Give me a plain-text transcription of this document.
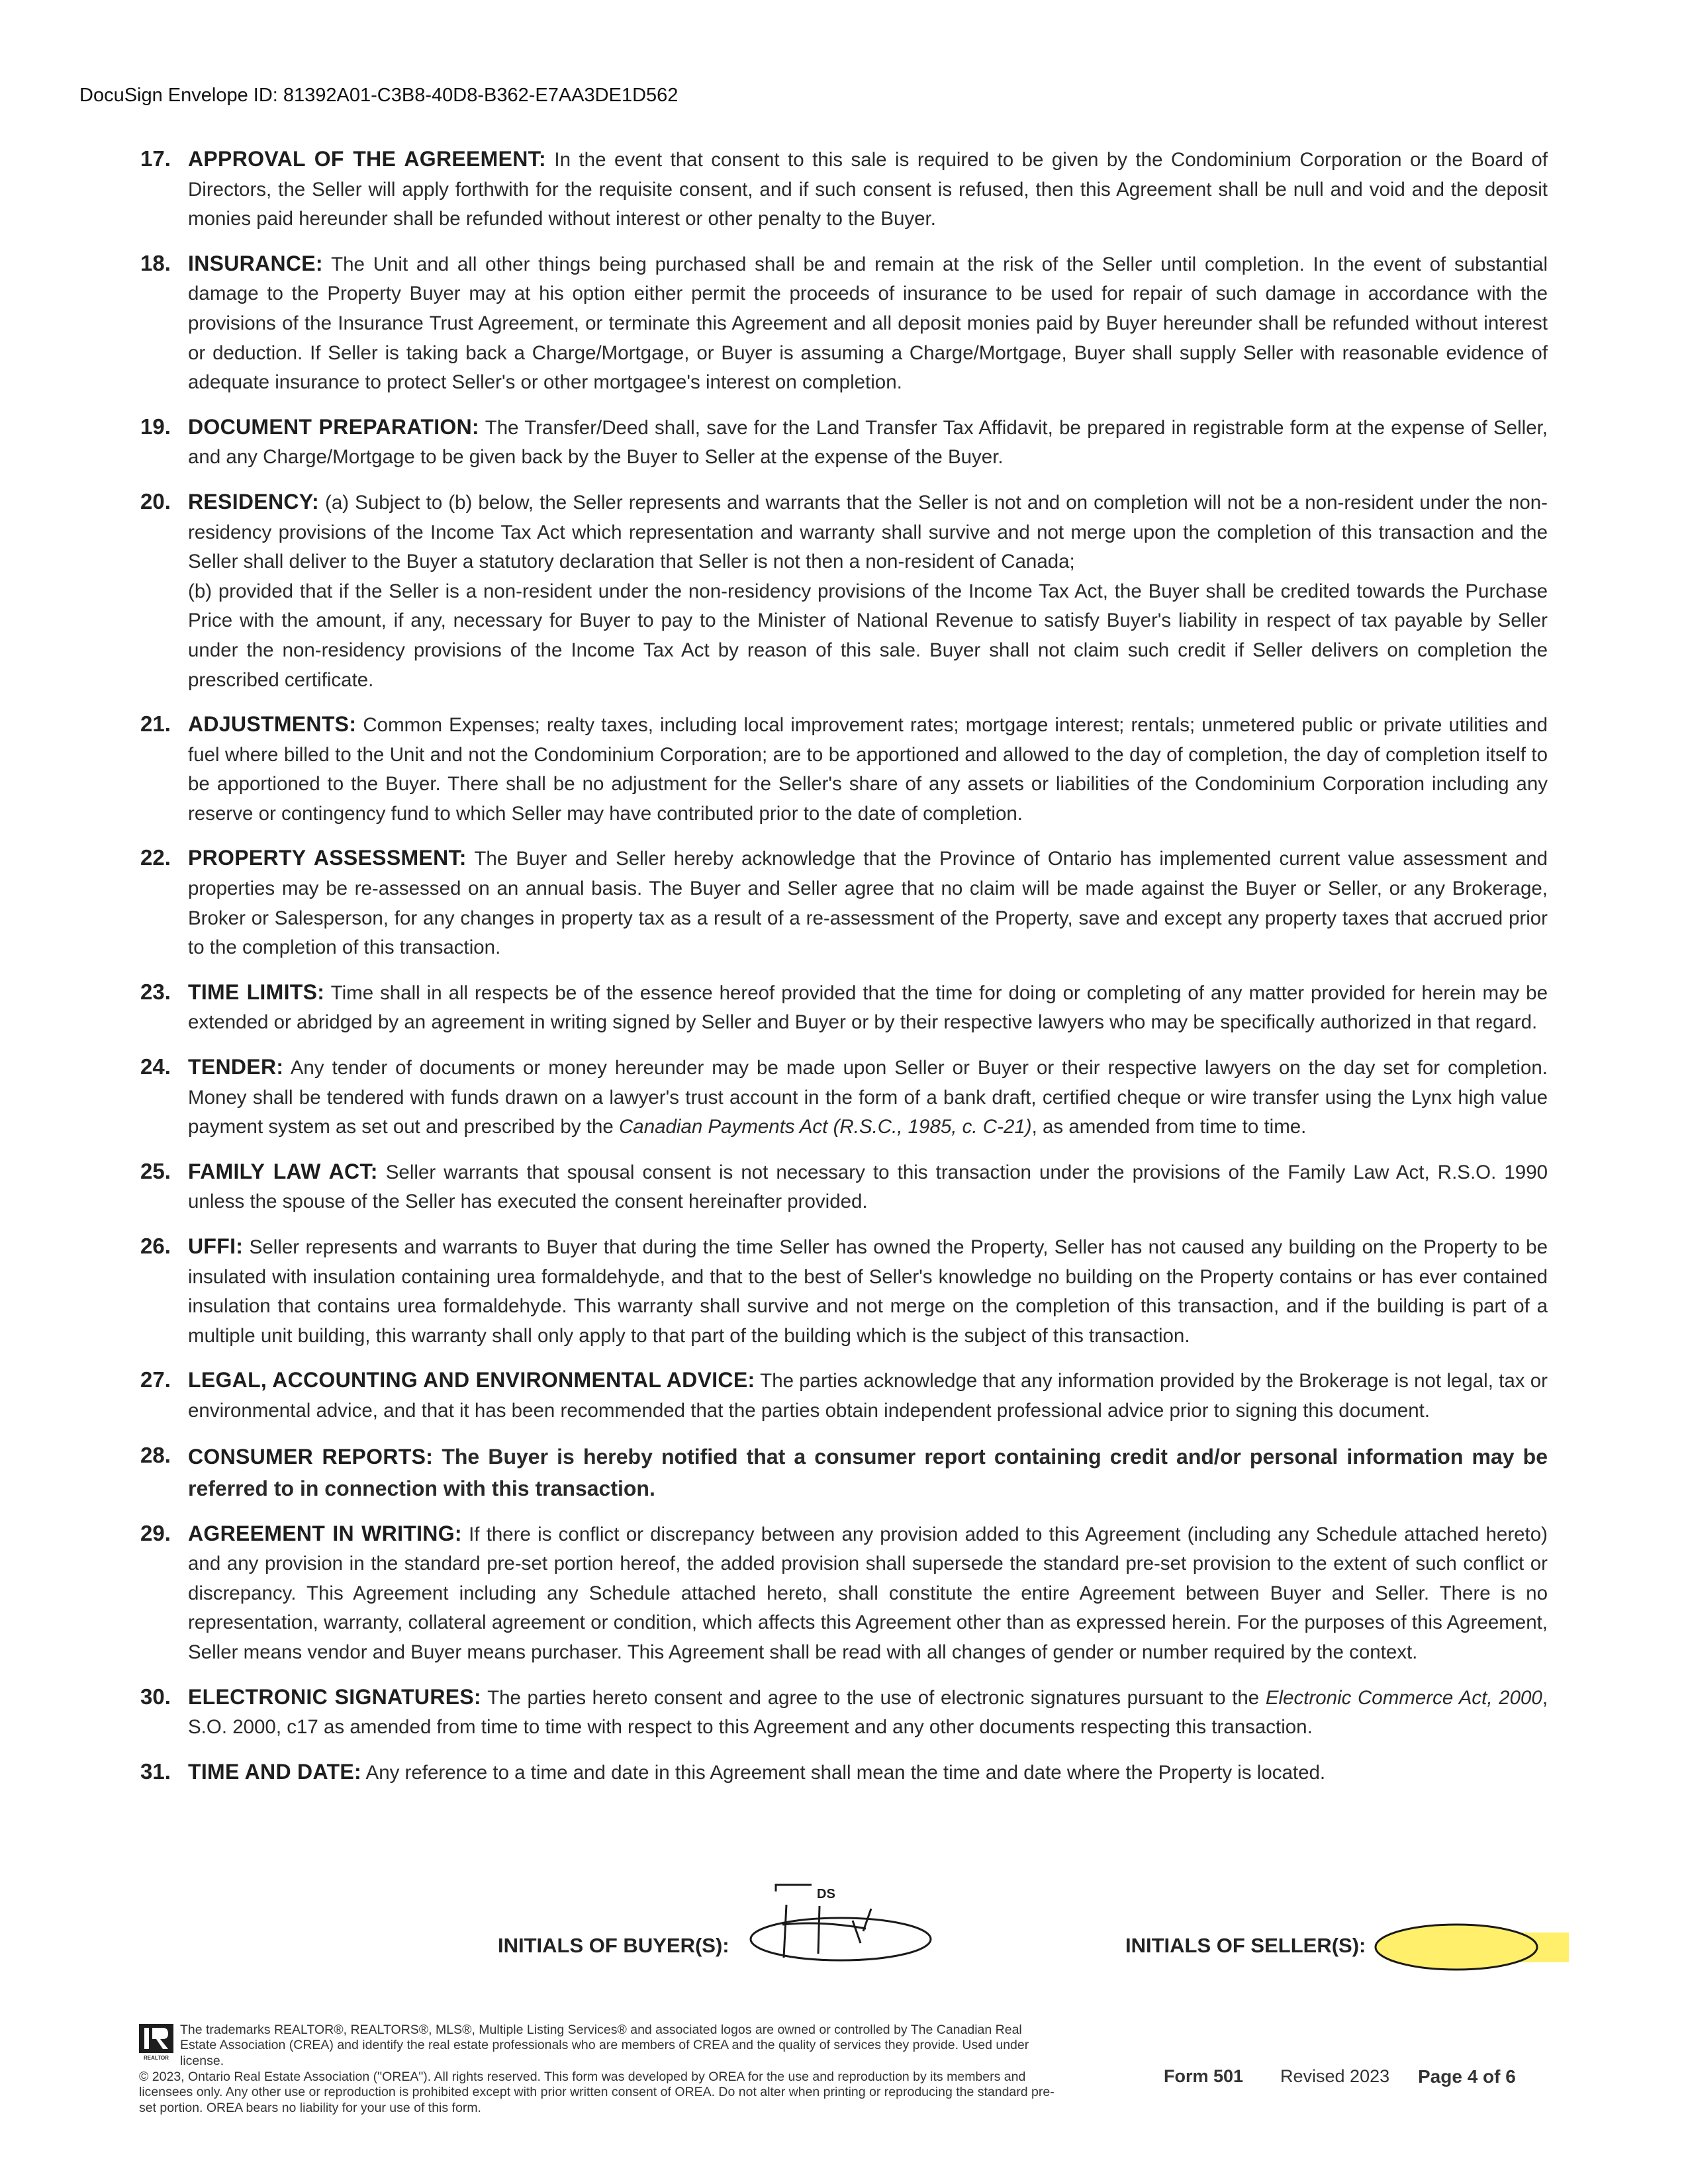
DocuSign Envelope ID: 81392A01-C3B8-40D8-B362-E7AA3DE1D562
17. APPROVAL OF THE AGREEMENT: In the event that consent to this sale is required to be given by the Condominium Corporation or the Board of Directors, the Seller will apply forthwith for the requisite consent, and if such consent is refused, then this Agreement shall be null and void and the deposit monies paid hereunder shall be refunded without interest or other penalty to the Buyer.
18. INSURANCE: The Unit and all other things being purchased shall be and remain at the risk of the Seller until completion. In the event of substantial damage to the Property Buyer may at his option either permit the proceeds of insurance to be used for repair of such damage in accordance with the provisions of the Insurance Trust Agreement, or terminate this Agreement and all deposit monies paid by Buyer hereunder shall be refunded without interest or deduction. If Seller is taking back a Charge/Mortgage, or Buyer is assuming a Charge/Mortgage, Buyer shall supply Seller with reasonable evidence of adequate insurance to protect Seller's or other mortgagee's interest on completion.
19. DOCUMENT PREPARATION: The Transfer/Deed shall, save for the Land Transfer Tax Affidavit, be prepared in registrable form at the expense of Seller, and any Charge/Mortgage to be given back by the Buyer to Seller at the expense of the Buyer.
20. RESIDENCY: (a) Subject to (b) below, the Seller represents and warrants that the Seller is not and on completion will not be a non-resident under the non-residency provisions of the Income Tax Act which representation and warranty shall survive and not merge upon the completion of this transaction and the Seller shall deliver to the Buyer a statutory declaration that Seller is not then a non-resident of Canada;

(b) provided that if the Seller is a non-resident under the non-residency provisions of the Income Tax Act, the Buyer shall be credited towards the Purchase Price with the amount, if any, necessary for Buyer to pay to the Minister of National Revenue to satisfy Buyer's liability in respect of tax payable by Seller under the non-residency provisions of the Income Tax Act by reason of this sale. Buyer shall not claim such credit if Seller delivers on completion the prescribed certificate.

21. ADJUSTMENTS: Common Expenses; realty taxes, including local improvement rates; mortgage interest; rentals; unmetered public or private utilities and fuel where billed to the Unit and not the Condominium Corporation; are to be apportioned and allowed to the day of completion, the day of completion itself to be apportioned to the Buyer. There shall be no adjustment for the Seller's share of any assets or liabilities of the Condominium Corporation including any reserve or contingency fund to which Seller may have contributed prior to the date of completion.
22. PROPERTY ASSESSMENT: The Buyer and Seller hereby acknowledge that the Province of Ontario has implemented current value assessment and properties may be re-assessed on an annual basis. The Buyer and Seller agree that no claim will be made against the Buyer or Seller, or any Brokerage, Broker or Salesperson, for any changes in property tax as a result of a re-assessment of the Property, save and except any property taxes that accrued prior to the completion of this transaction.
23. TIME LIMITS: Time shall in all respects be of the essence hereof provided that the time for doing or completing of any matter provided for herein may be extended or abridged by an agreement in writing signed by Seller and Buyer or by their respective lawyers who may be specifically authorized in that regard.
24. TENDER: Any tender of documents or money hereunder may be made upon Seller or Buyer or their respective lawyers on the day set for completion. Money shall be tendered with funds drawn on a lawyer's trust account in the form of a bank draft, certified cheque or wire transfer using the Lynx high value payment system as set out and prescribed by the Canadian Payments Act (R.S.C., 1985, c. C-21), as amended from time to time.
25. FAMILY LAW ACT: Seller warrants that spousal consent is not necessary to this transaction under the provisions of the Family Law Act, R.S.O. 1990 unless the spouse of the Seller has executed the consent hereinafter provided.
26. UFFI: Seller represents and warrants to Buyer that during the time Seller has owned the Property, Seller has not caused any building on the Property to be insulated with insulation containing urea formaldehyde, and that to the best of Seller's knowledge no building on the Property contains or has ever contained insulation that contains urea formaldehyde. This warranty shall survive and not merge on the completion of this transaction, and if the building is part of a multiple unit building, this warranty shall only apply to that part of the building which is the subject of this transaction.
27. LEGAL, ACCOUNTING AND ENVIRONMENTAL ADVICE: The parties acknowledge that any information provided by the Brokerage is not legal, tax or environmental advice, and that it has been recommended that the parties obtain independent professional advice prior to signing this document.
28. CONSUMER REPORTS: The Buyer is hereby notified that a consumer report containing credit and/or personal information may be referred to in connection with this transaction.
29. AGREEMENT IN WRITING: If there is conflict or discrepancy between any provision added to this Agreement (including any Schedule attached hereto) and any provision in the standard pre-set portion hereof, the added provision shall supersede the standard pre-set provision to the extent of such conflict or discrepancy. This Agreement including any Schedule attached hereto, shall constitute the entire Agreement between Buyer and Seller. There is no representation, warranty, collateral agreement or condition, which affects this Agreement other than as expressed herein. For the purposes of this Agreement, Seller means vendor and Buyer means purchaser. This Agreement shall be read with all changes of gender or number required by the context.
30. ELECTRONIC SIGNATURES: The parties hereto consent and agree to the use of electronic signatures pursuant to the Electronic Commerce Act, 2000, S.O. 2000, c17 as amended from time to time with respect to this Agreement and any other documents respecting this transaction.
31. TIME AND DATE: Any reference to a time and date in this Agreement shall mean the time and date where the Property is located.
INITIALS OF BUYER(S):
DS
INITIALS OF SELLER(S):
REALTOR
The trademarks REALTOR®, REALTORS®, MLS®, Multiple Listing Services® and associated logos are owned or controlled by The Canadian Real Estate Association (CREA) and identify the real estate professionals who are members of CREA and the quality of services they provide. Used under license.
© 2023, Ontario Real Estate Association ("OREA"). All rights reserved. This form was developed by OREA for the use and reproduction by its members and licensees only. Any other use or reproduction is prohibited except with prior written consent of OREA. Do not alter when printing or reproducing the standard pre-set portion. OREA bears no liability for your use of this form.
Form 501 Revised 2023 Page 4 of 6
